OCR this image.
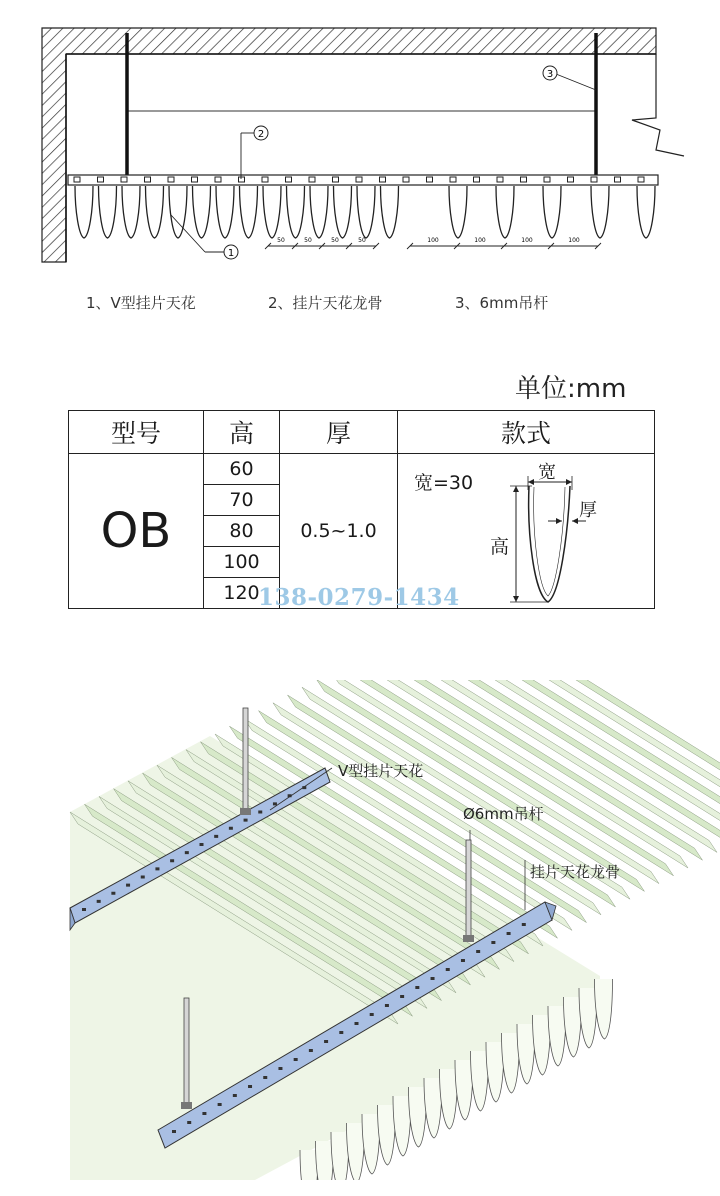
1
2
3
50	50	50	50	100	100	100	100
1、V型挂片天花	2、挂片天花龙骨	3、6mm吊杆
单位:mm
型号	高	厚	款式
OB	60	0.5~1.0	宽=30 宽
厚
高

	70		
	80		
	100		
	120		
138-0279-1434
V型挂片天花
Ø6mm吊杆
挂片天花龙骨
